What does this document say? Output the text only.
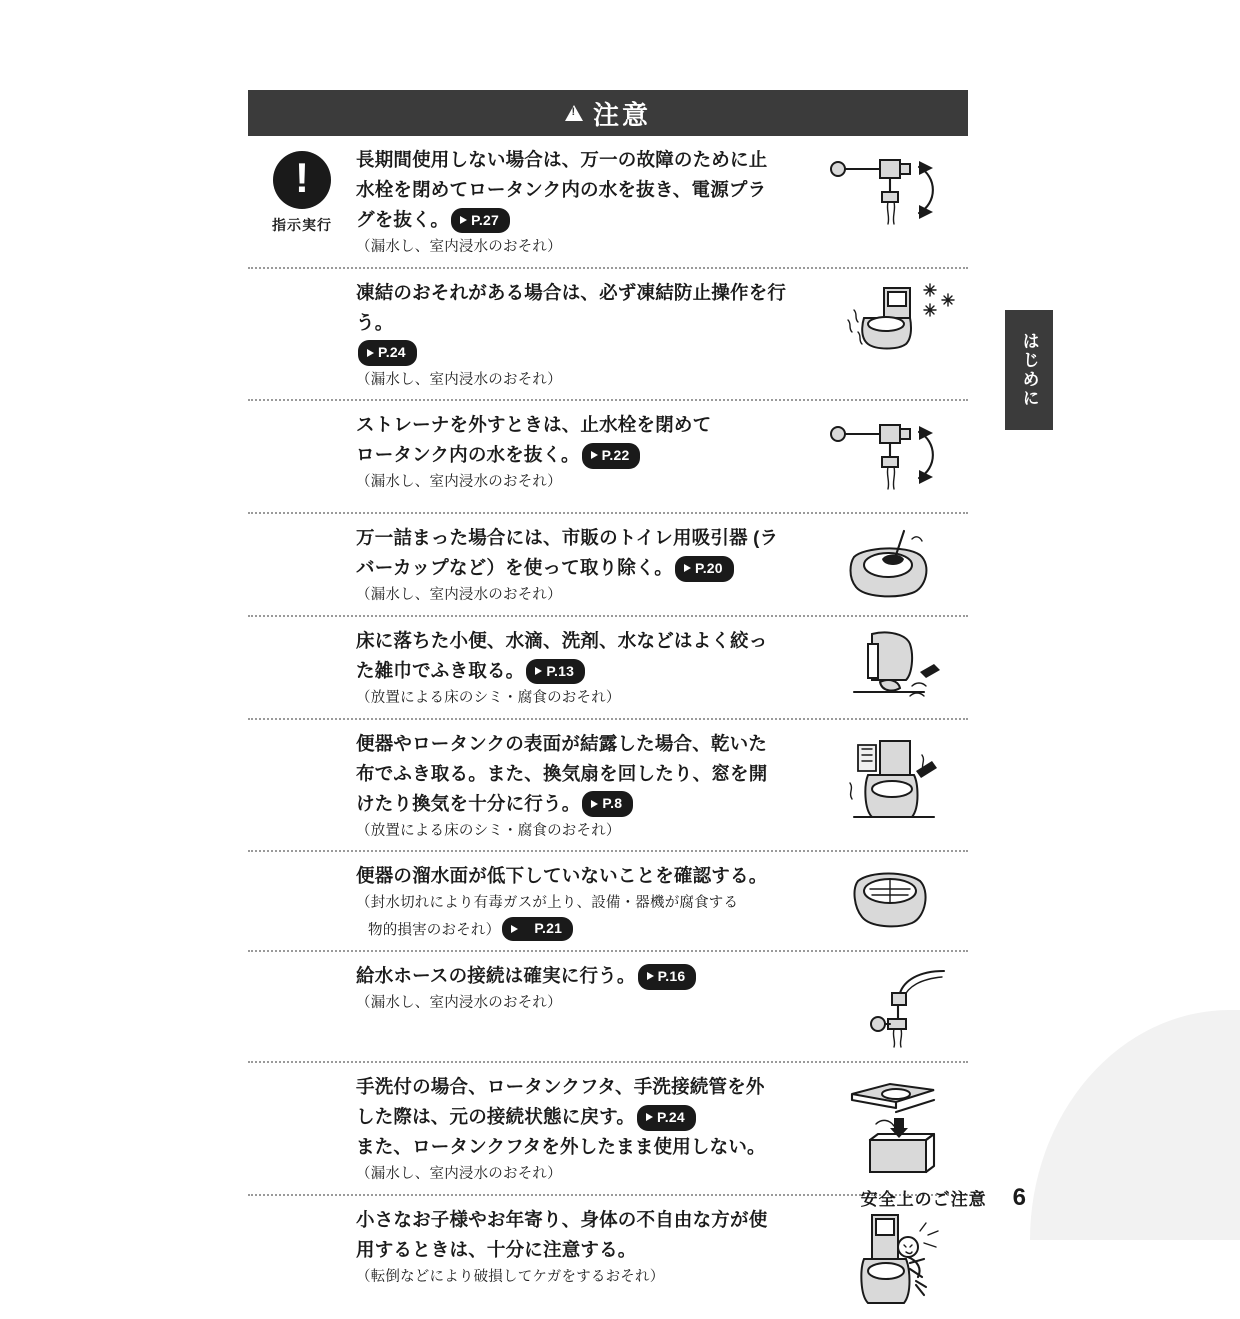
はじめに
!
注意
!
指示実行
長期間使用しない場合は、万一の故障のために止
水栓を閉めてロータンク内の水を抜き、電源プラ
グを抜く。 P.27
（漏水し、室内浸水のおそれ）
凍結のおそれがある場合は、必ず凍結防止操作を行う。
P.24
（漏水し、室内浸水のおそれ）
ストレーナを外すときは、止水栓を閉めて
ロータンク内の水を抜く。 P.22
（漏水し、室内浸水のおそれ）
万一詰まった場合には、市販のトイレ用吸引器 (ラ
バーカップなど）を使って取り除く。 P.20
（漏水し、室内浸水のおそれ）
床に落ちた小便、水滴、洗剤、水などはよく絞っ
た雑巾でふき取る。 P.13
（放置による床のシミ・腐食のおそれ）
便器やロータンクの表面が結露した場合、乾いた
布でふき取る。また、換気扇を回したり、窓を開
けたり換気を十分に行う。 P.8
（放置による床のシミ・腐食のおそれ）
便器の溜水面が低下していないことを確認する。
（封水切れにより有毒ガスが上り、設備・器機が腐食する
物的損害のおそれ）	P.21
給水ホースの接続は確実に行う。 P.16
（漏水し、室内浸水のおそれ）
手洗付の場合、ロータンクフタ、手洗接続管を外
した際は、元の接続状態に戻す。 P.24
また、ロータンクフタを外したまま使用しない。
（漏水し、室内浸水のおそれ）
小さなお子様やお年寄り、身体の不自由な方が使
用するときは、十分に注意する。
（転倒などにより破損してケガをするおそれ）
安全上のご注意 6
